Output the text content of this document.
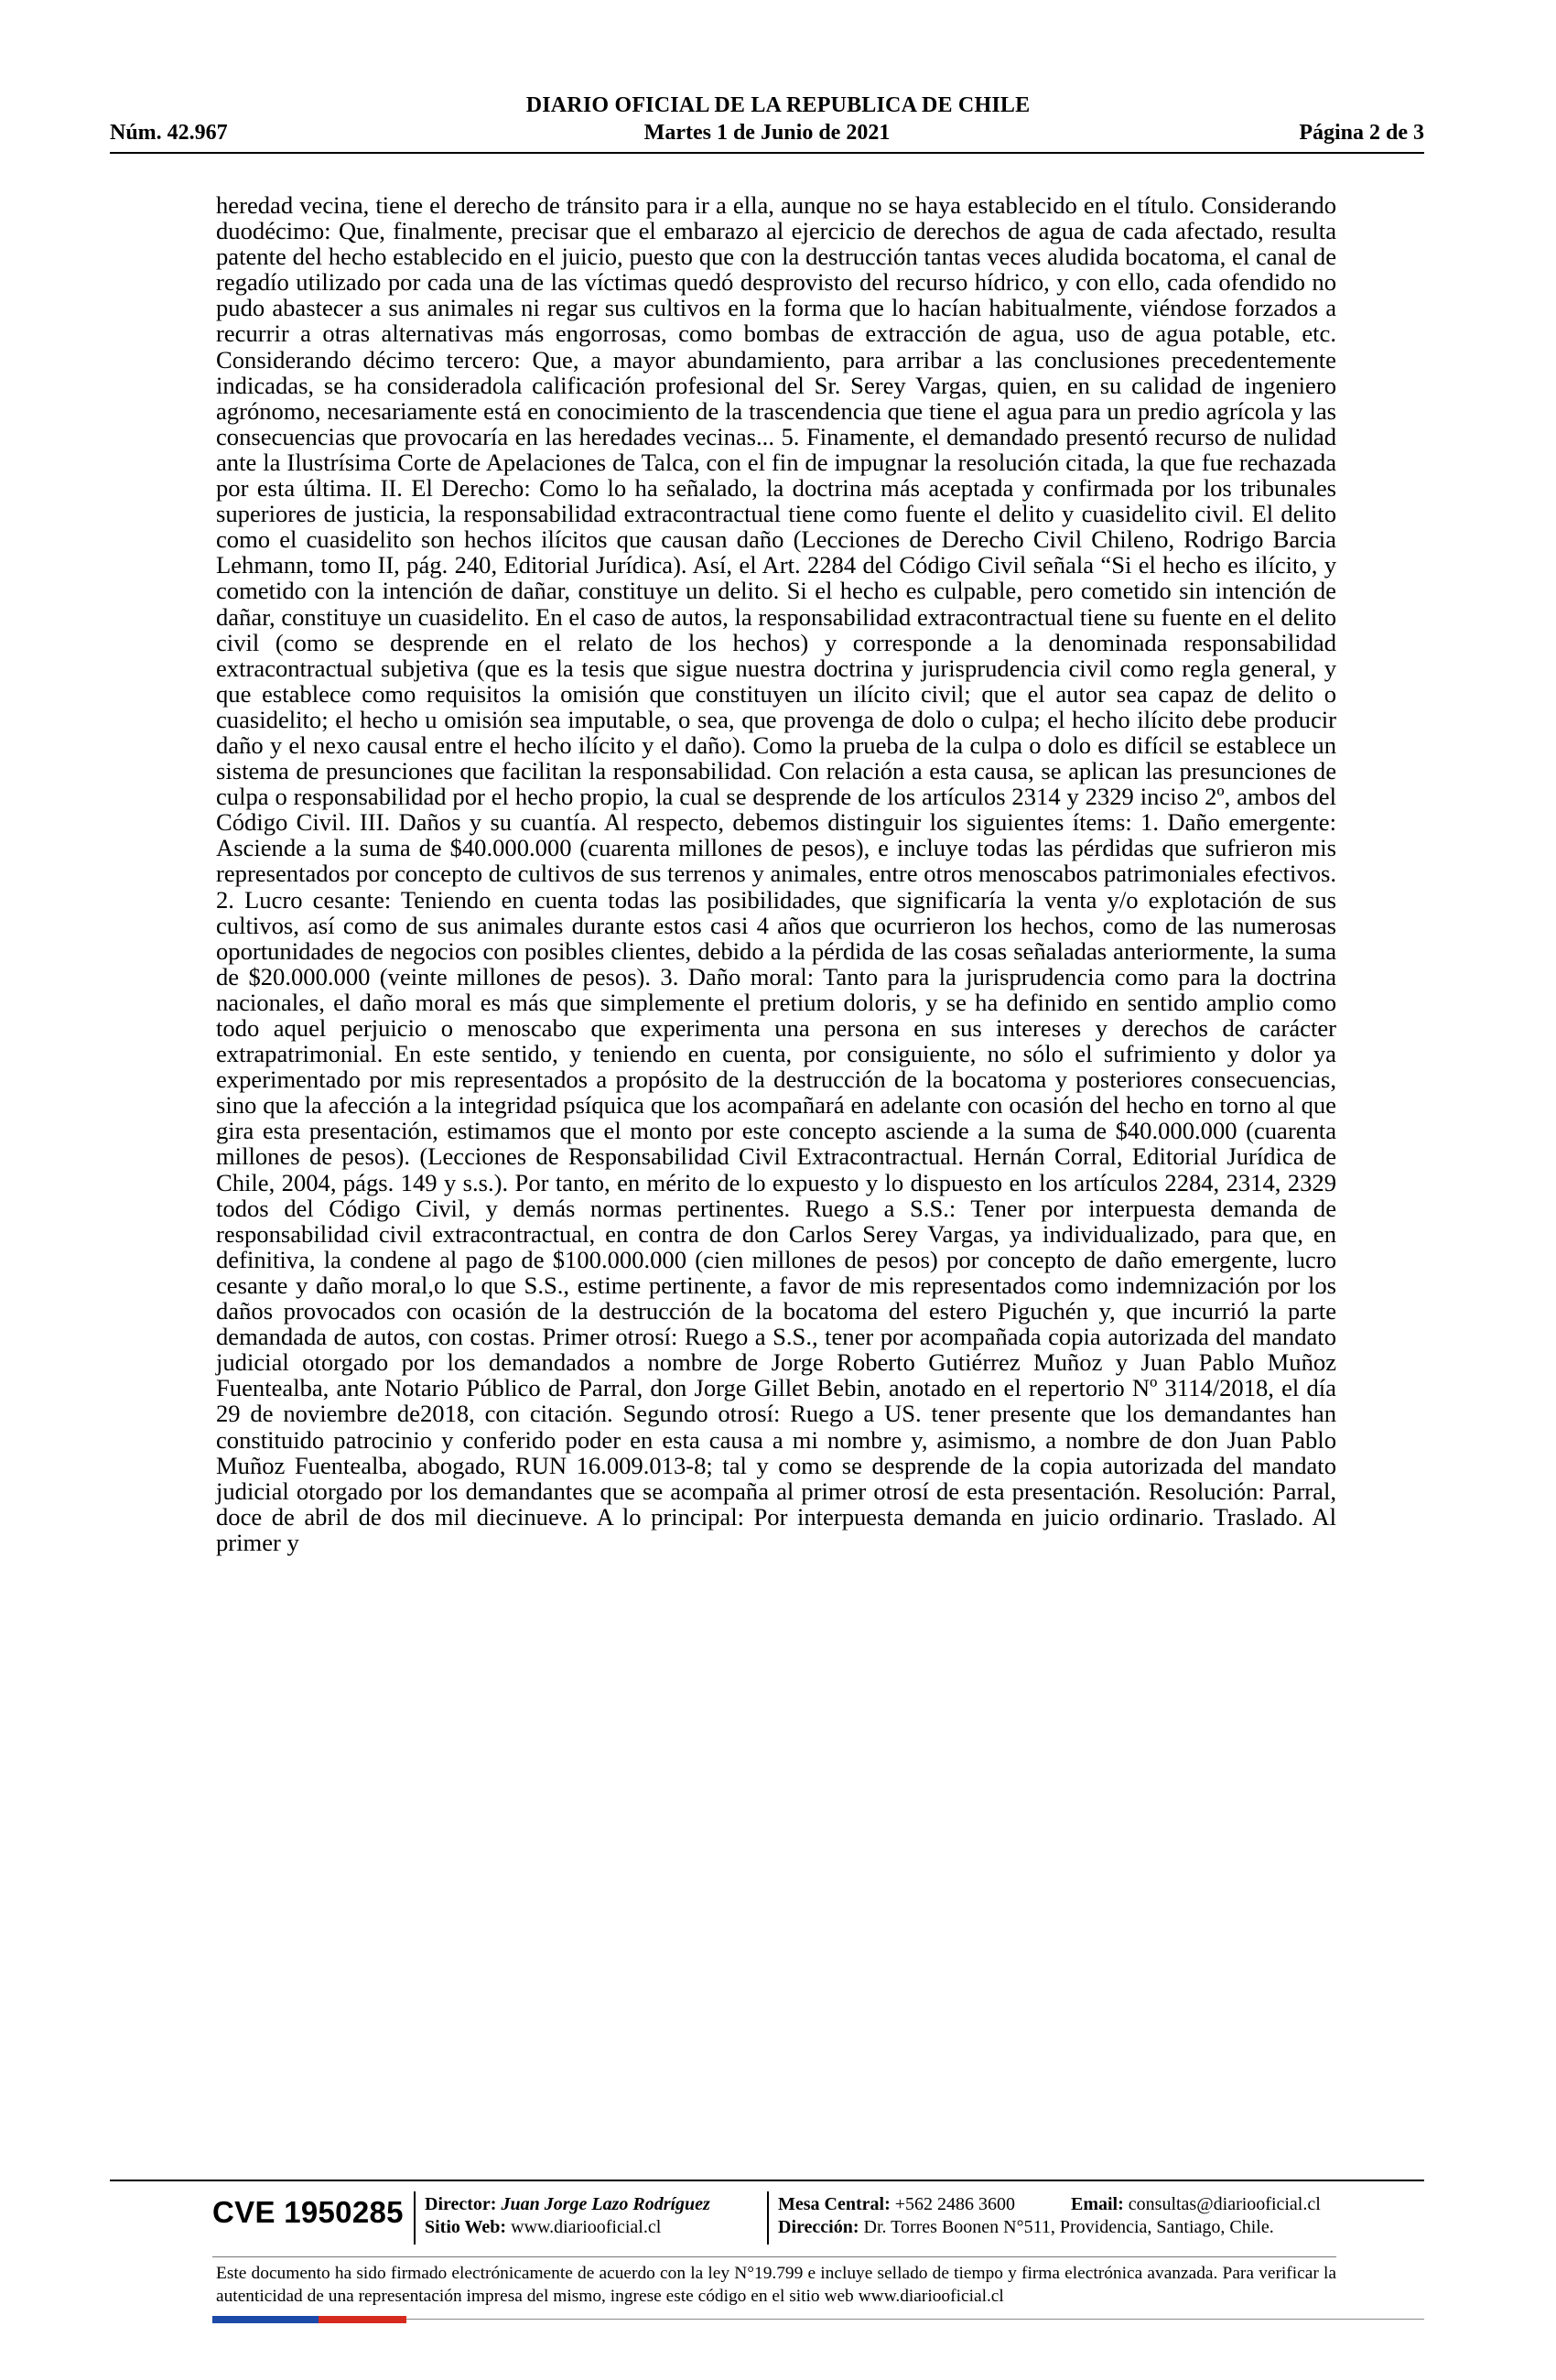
DIARIO OFICIAL DE LA REPUBLICA DE CHILE
Núm. 42.967	Martes 1 de Junio de 2021	Página 2 de 3
heredad vecina, tiene el derecho de tránsito para ir a ella, aunque no se haya establecido en el título. Considerando duodécimo: Que, finalmente, precisar que el embarazo al ejercicio de derechos de agua de cada afectado, resulta patente del hecho establecido en el juicio, puesto que con la destrucción tantas veces aludida bocatoma, el canal de regadío utilizado por cada una de las víctimas quedó desprovisto del recurso hídrico, y con ello, cada ofendido no pudo abastecer a sus animales ni regar sus cultivos en la forma que lo hacían habitualmente, viéndose forzados a recurrir a otras alternativas más engorrosas, como bombas de extracción de agua, uso de agua potable, etc. Considerando décimo tercero: Que, a mayor abundamiento, para arribar a las conclusiones precedentemente indicadas, se ha consideradola calificación profesional del Sr. Serey Vargas, quien, en su calidad de ingeniero agrónomo, necesariamente está en conocimiento de la trascendencia que tiene el agua para un predio agrícola y las consecuencias que provocaría en las heredades vecinas... 5. Finamente, el demandado presentó recurso de nulidad ante la Ilustrísima Corte de Apelaciones de Talca, con el fin de impugnar la resolución citada, la que fue rechazada por esta última. II. El Derecho: Como lo ha señalado, la doctrina más aceptada y confirmada por los tribunales superiores de justicia, la responsabilidad extracontractual tiene como fuente el delito y cuasidelito civil. El delito como el cuasidelito son hechos ilícitos que causan daño (Lecciones de Derecho Civil Chileno, Rodrigo Barcia Lehmann, tomo II, pág. 240, Editorial Jurídica). Así, el Art. 2284 del Código Civil señala “Si el hecho es ilícito, y cometido con la intención de dañar, constituye un delito. Si el hecho es culpable, pero cometido sin intención de dañar, constituye un cuasidelito. En el caso de autos, la responsabilidad extracontractual tiene su fuente en el delito civil (como se desprende en el relato de los hechos) y corresponde a la denominada responsabilidad extracontractual subjetiva (que es la tesis que sigue nuestra doctrina y jurisprudencia civil como regla general, y que establece como requisitos la omisión que constituyen un ilícito civil; que el autor sea capaz de delito o cuasidelito; el hecho u omisión sea imputable, o sea, que provenga de dolo o culpa; el hecho ilícito debe producir daño y el nexo causal entre el hecho ilícito y el daño). Como la prueba de la culpa o dolo es difícil se establece un sistema de presunciones que facilitan la responsabilidad. Con relación a esta causa, se aplican las presunciones de culpa o responsabilidad por el hecho propio, la cual se desprende de los artículos 2314 y 2329 inciso 2º, ambos del Código Civil. III. Daños y su cuantía. Al respecto, debemos distinguir los siguientes ítems: 1. Daño emergente: Asciende a la suma de $40.000.000 (cuarenta millones de pesos), e incluye todas las pérdidas que sufrieron mis representados por concepto de cultivos de sus terrenos y animales, entre otros menoscabos patrimoniales efectivos. 2. Lucro cesante: Teniendo en cuenta todas las posibilidades, que significaría la venta y/o explotación de sus cultivos, así como de sus animales durante estos casi 4 años que ocurrieron los hechos, como de las numerosas oportunidades de negocios con posibles clientes, debido a la pérdida de las cosas señaladas anteriormente, la suma de $20.000.000 (veinte millones de pesos). 3. Daño moral: Tanto para la jurisprudencia como para la doctrina nacionales, el daño moral es más que simplemente el pretium doloris, y se ha definido en sentido amplio como todo aquel perjuicio o menoscabo que experimenta una persona en sus intereses y derechos de carácter extrapatrimonial. En este sentido, y teniendo en cuenta, por consiguiente, no sólo el sufrimiento y dolor ya experimentado por mis representados a propósito de la destrucción de la bocatoma y posteriores consecuencias, sino que la afección a la integridad psíquica que los acompañará en adelante con ocasión del hecho en torno al que gira esta presentación, estimamos que el monto por este concepto asciende a la suma de $40.000.000 (cuarenta millones de pesos). (Lecciones de Responsabilidad Civil Extracontractual. Hernán Corral, Editorial Jurídica de Chile, 2004, págs. 149 y s.s.). Por tanto, en mérito de lo expuesto y lo dispuesto en los artículos 2284, 2314, 2329 todos del Código Civil, y demás normas pertinentes. Ruego a S.S.: Tener por interpuesta demanda de responsabilidad civil extracontractual, en contra de don Carlos Serey Vargas, ya individualizado, para que, en definitiva, la condene al pago de $100.000.000 (cien millones de pesos) por concepto de daño emergente, lucro cesante y daño moral,o lo que S.S., estime pertinente, a favor de mis representados como indemnización por los daños provocados con ocasión de la destrucción de la bocatoma del estero Piguchén y, que incurrió la parte demandada de autos, con costas. Primer otrosí: Ruego a S.S., tener por acompañada copia autorizada del mandato judicial otorgado por los demandados a nombre de Jorge Roberto Gutiérrez Muñoz y Juan Pablo Muñoz Fuentealba, ante Notario Público de Parral, don Jorge Gillet Bebin, anotado en el repertorio Nº 3114/2018, el día 29 de noviembre de2018, con citación. Segundo otrosí: Ruego a US. tener presente que los demandantes han constituido patrocinio y conferido poder en esta causa a mi nombre y, asimismo, a nombre de don Juan Pablo Muñoz Fuentealba, abogado, RUN 16.009.013-8; tal y como se desprende de la copia autorizada del mandato judicial otorgado por los demandantes que se acompaña al primer otrosí de esta presentación. Resolución: Parral, doce de abril de dos mil diecinueve. A lo principal: Por interpuesta demanda en juicio ordinario. Traslado. Al primer y
CVE 1950285 Director: Juan Jorge Lazo Rodríguez
Sitio Web: www.diariooficial.cl
Mesa Central: +562 2486 3600
Dirección: Dr. Torres Boonen N°511, Providencia, Santiago, Chile.
Email: consultas@diariooficial.cl
Este documento ha sido firmado electrónicamente de acuerdo con la ley N°19.799 e incluye sellado de tiempo y firma electrónica avanzada. Para verificar la autenticidad de una representación impresa del mismo, ingrese este código en el sitio web www.diariooficial.cl
